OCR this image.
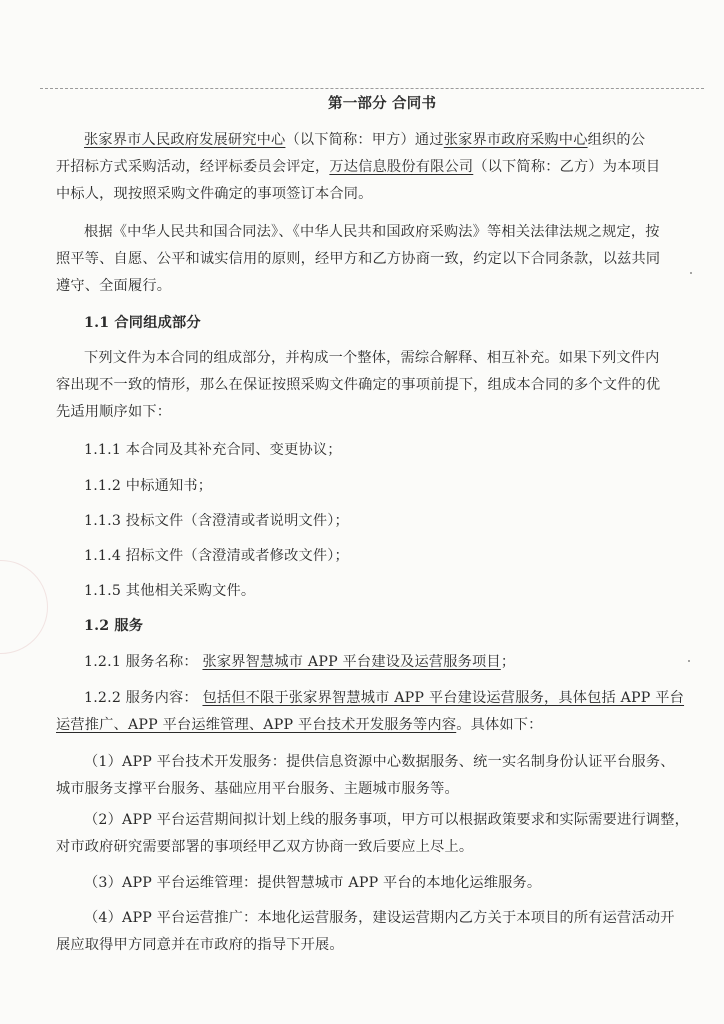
第一部分 合同书
张家界市人民政府发展研究中心（以下简称：甲方）通过张家界市政府采购中心组织的公
开招标方式采购活动，经评标委员会评定，万达信息股份有限公司（以下简称：乙方）为本项目
中标人，现按照采购文件确定的事项签订本合同。
根据《中华人民共和国合同法》、《中华人民共和国政府采购法》等相关法律法规之规定，按
照平等、自愿、公平和诚实信用的原则，经甲方和乙方协商一致，约定以下合同条款，以兹共同
遵守、全面履行。
1.1 合同组成部分
下列文件为本合同的组成部分，并构成一个整体，需综合解释、相互补充。如果下列文件内
容出现不一致的情形，那么在保证按照采购文件确定的事项前提下，组成本合同的多个文件的优
先适用顺序如下：
1.1.1 本合同及其补充合同、变更协议；
1.1.2 中标通知书；
1.1.3 投标文件（含澄清或者说明文件）；
1.1.4 招标文件（含澄清或者修改文件）；
1.1.5 其他相关采购文件。
1.2 服务
1.2.1 服务名称： 张家界智慧城市 APP 平台建设及运营服务项目；
1.2.2 服务内容： 包括但不限于张家界智慧城市 APP 平台建设运营服务，具体包括 APP 平台
运营推广、APP 平台运维管理、APP 平台技术开发服务等内容。具体如下：
（1）APP 平台技术开发服务：提供信息资源中心数据服务、统一实名制身份认证平台服务、
城市服务支撑平台服务、基础应用平台服务、主题城市服务等。
（2）APP 平台运营期间拟计划上线的服务事项，甲方可以根据政策要求和实际需要进行调整，
对市政府研究需要部署的事项经甲乙双方协商一致后要应上尽上。
（3）APP 平台运维管理：提供智慧城市 APP 平台的本地化运维服务。
（4）APP 平台运营推广：本地化运营服务，建设运营期内乙方关于本项目的所有运营活动开
展应取得甲方同意并在市政府的指导下开展。
